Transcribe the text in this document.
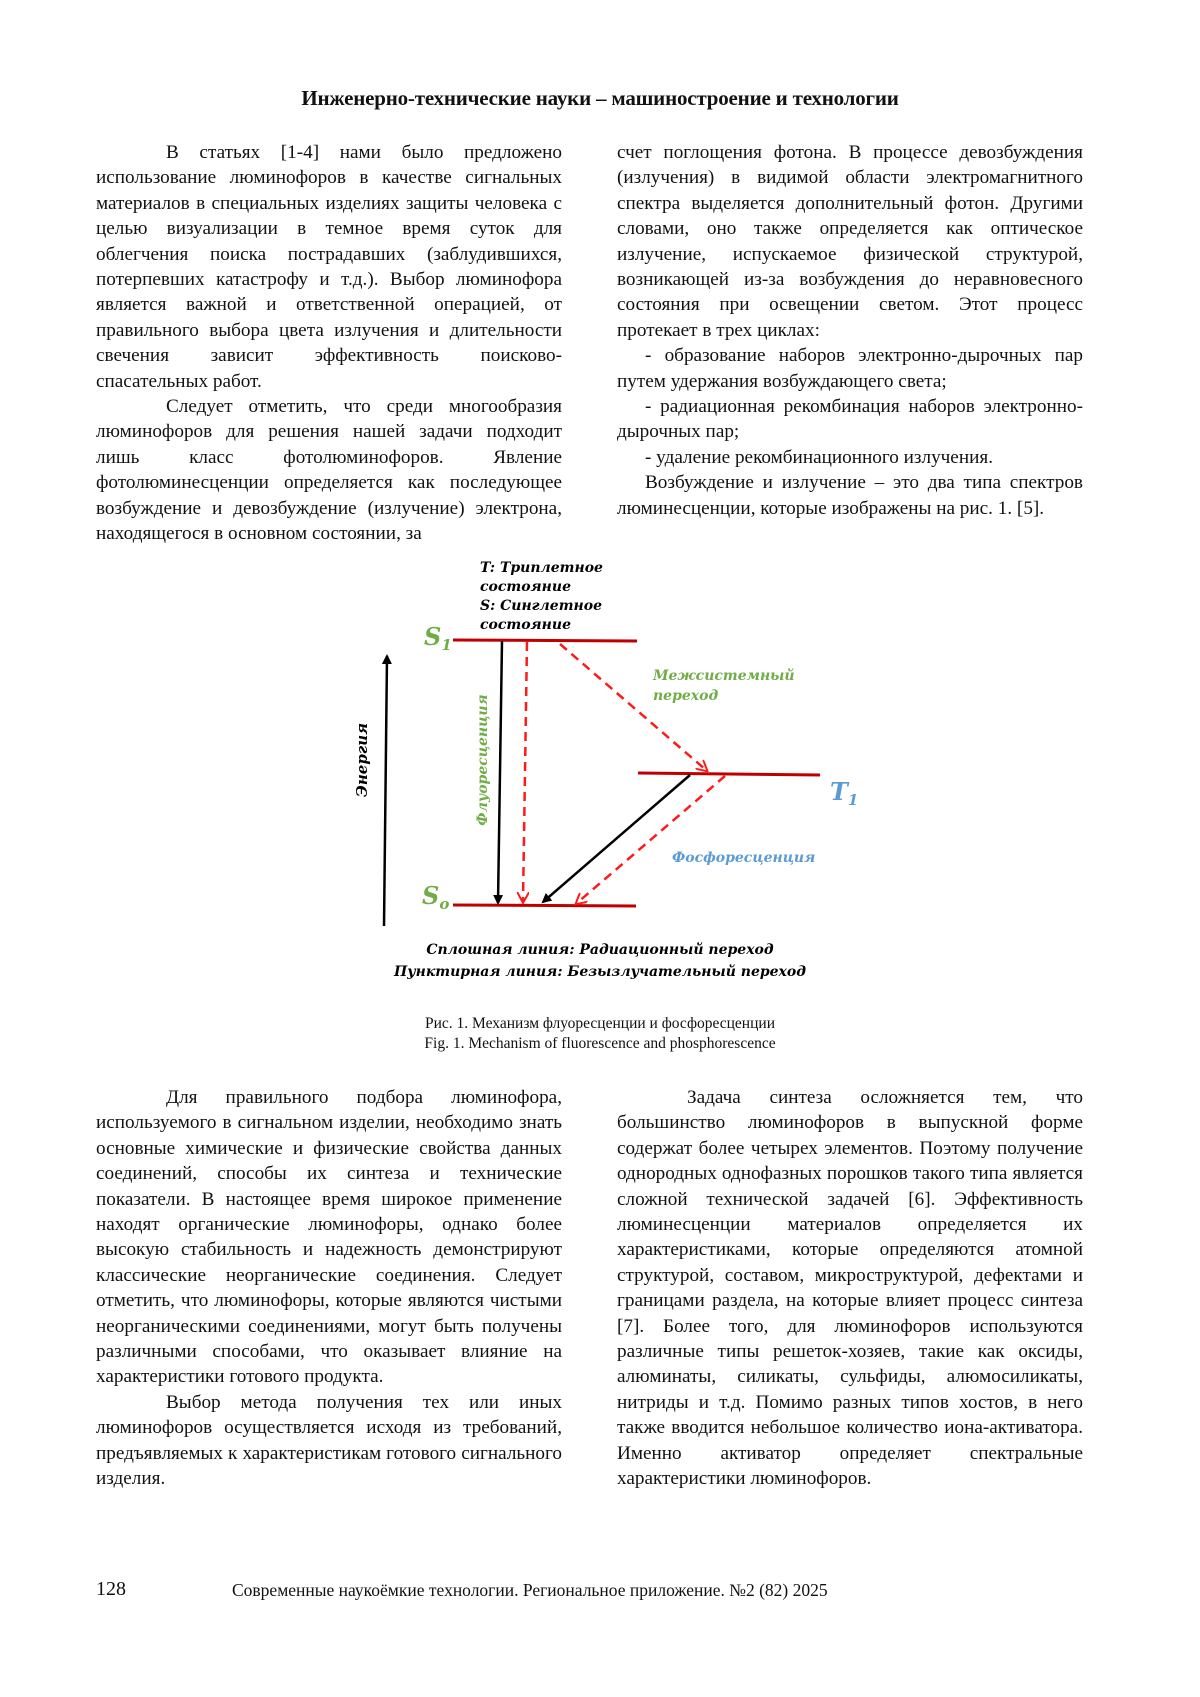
Инженерно-технические науки – машиностроение и технологии

В статьях [1-4] нами было предложено использование люминофоров в качестве сигнальных материалов в специальных изделиях защиты человека с целью визуализации в темное время суток для облегчения поиска пострадавших (заблудившихся, потерпевших катастрофу и т.д.). Выбор люминофора является важной и ответственной операцией, от правильного выбора цвета излучения и длительности свечения зависит эффективность поисково-спасательных работ.

Следует отметить, что среди многообразия люминофоров для решения нашей задачи подходит лишь класс фотолюминофоров. Явление фотолюминесценции определяется как последующее возбуждение и девозбуждение (излучение) электрона, находящегося в основном состоянии, за

счет поглощения фотона. В процессе девозбуждения (излучения) в видимой области электромагнитного спектра выделяется дополнительный фотон. Другими словами, оно также определяется как оптическое излучение, испускаемое физической структурой, возникающей из-за возбуждения до неравновесного состояния при освещении светом. Этот процесс протекает в трех циклах:

- образование наборов электронно-дырочных пар путем удержания возбуждающего света;

- радиационная рекомбинация наборов электронно-дырочных пар;

- удаление рекомбинационного излучения.

Возбуждение и излучение – это два типа спектров люминесценции, которые изображены на рис. 1. [5].

T: Триплетное
состояние
S: Синглетное
состояние
Энергия
$S_1$
$T_1$
$S_o$
Флуоресценция
Межсистемный
переход
Фосфоресценция
Сплошная линия: Радиационный переход
Пунктирная линия: Безызлучательный переход
Рис. 1. Механизм флуоресценции и фосфоресценции
Fig. 1. Mechanism of fluorescence and phosphorescence

Для правильного подбора люминофора, используемого в сигнальном изделии, необходимо знать основные химические и физические свойства данных соединений, способы их синтеза и технические показатели. В настоящее время широкое применение находят органические люминофоры, однако более высокую стабильность и надежность демонстрируют классические неорганические соединения. Следует отметить, что люминофоры, которые являются чистыми неорганическими соединениями, могут быть получены различными способами, что оказывает влияние на характеристики готового продукта.

Выбор метода получения тех или иных люминофоров осуществляется исходя из требований, предъявляемых к характеристикам готового сигнального изделия.

Задача синтеза осложняется тем, что большинство люминофоров в выпускной форме содержат более четырех элементов. Поэтому получение однородных однофазных порошков такого типа является сложной технической задачей [6]. Эффективность люминесценции материалов определяется их характеристиками, которые определяются атомной структурой, составом, микроструктурой, дефектами и границами раздела, на которые влияет процесс синтеза [7]. Более того, для люминофоров используются различные типы решеток-хозяев, такие как оксиды, алюминаты, силикаты, сульфиды, алюмосиликаты, нитриды и т.д. Помимо разных типов хостов, в него также вводится небольшое количество иона-активатора. Именно активатор определяет спектральные характеристики люминофоров.

128	Современные наукоёмкие технологии. Региональное приложение. №2 (82) 2025
